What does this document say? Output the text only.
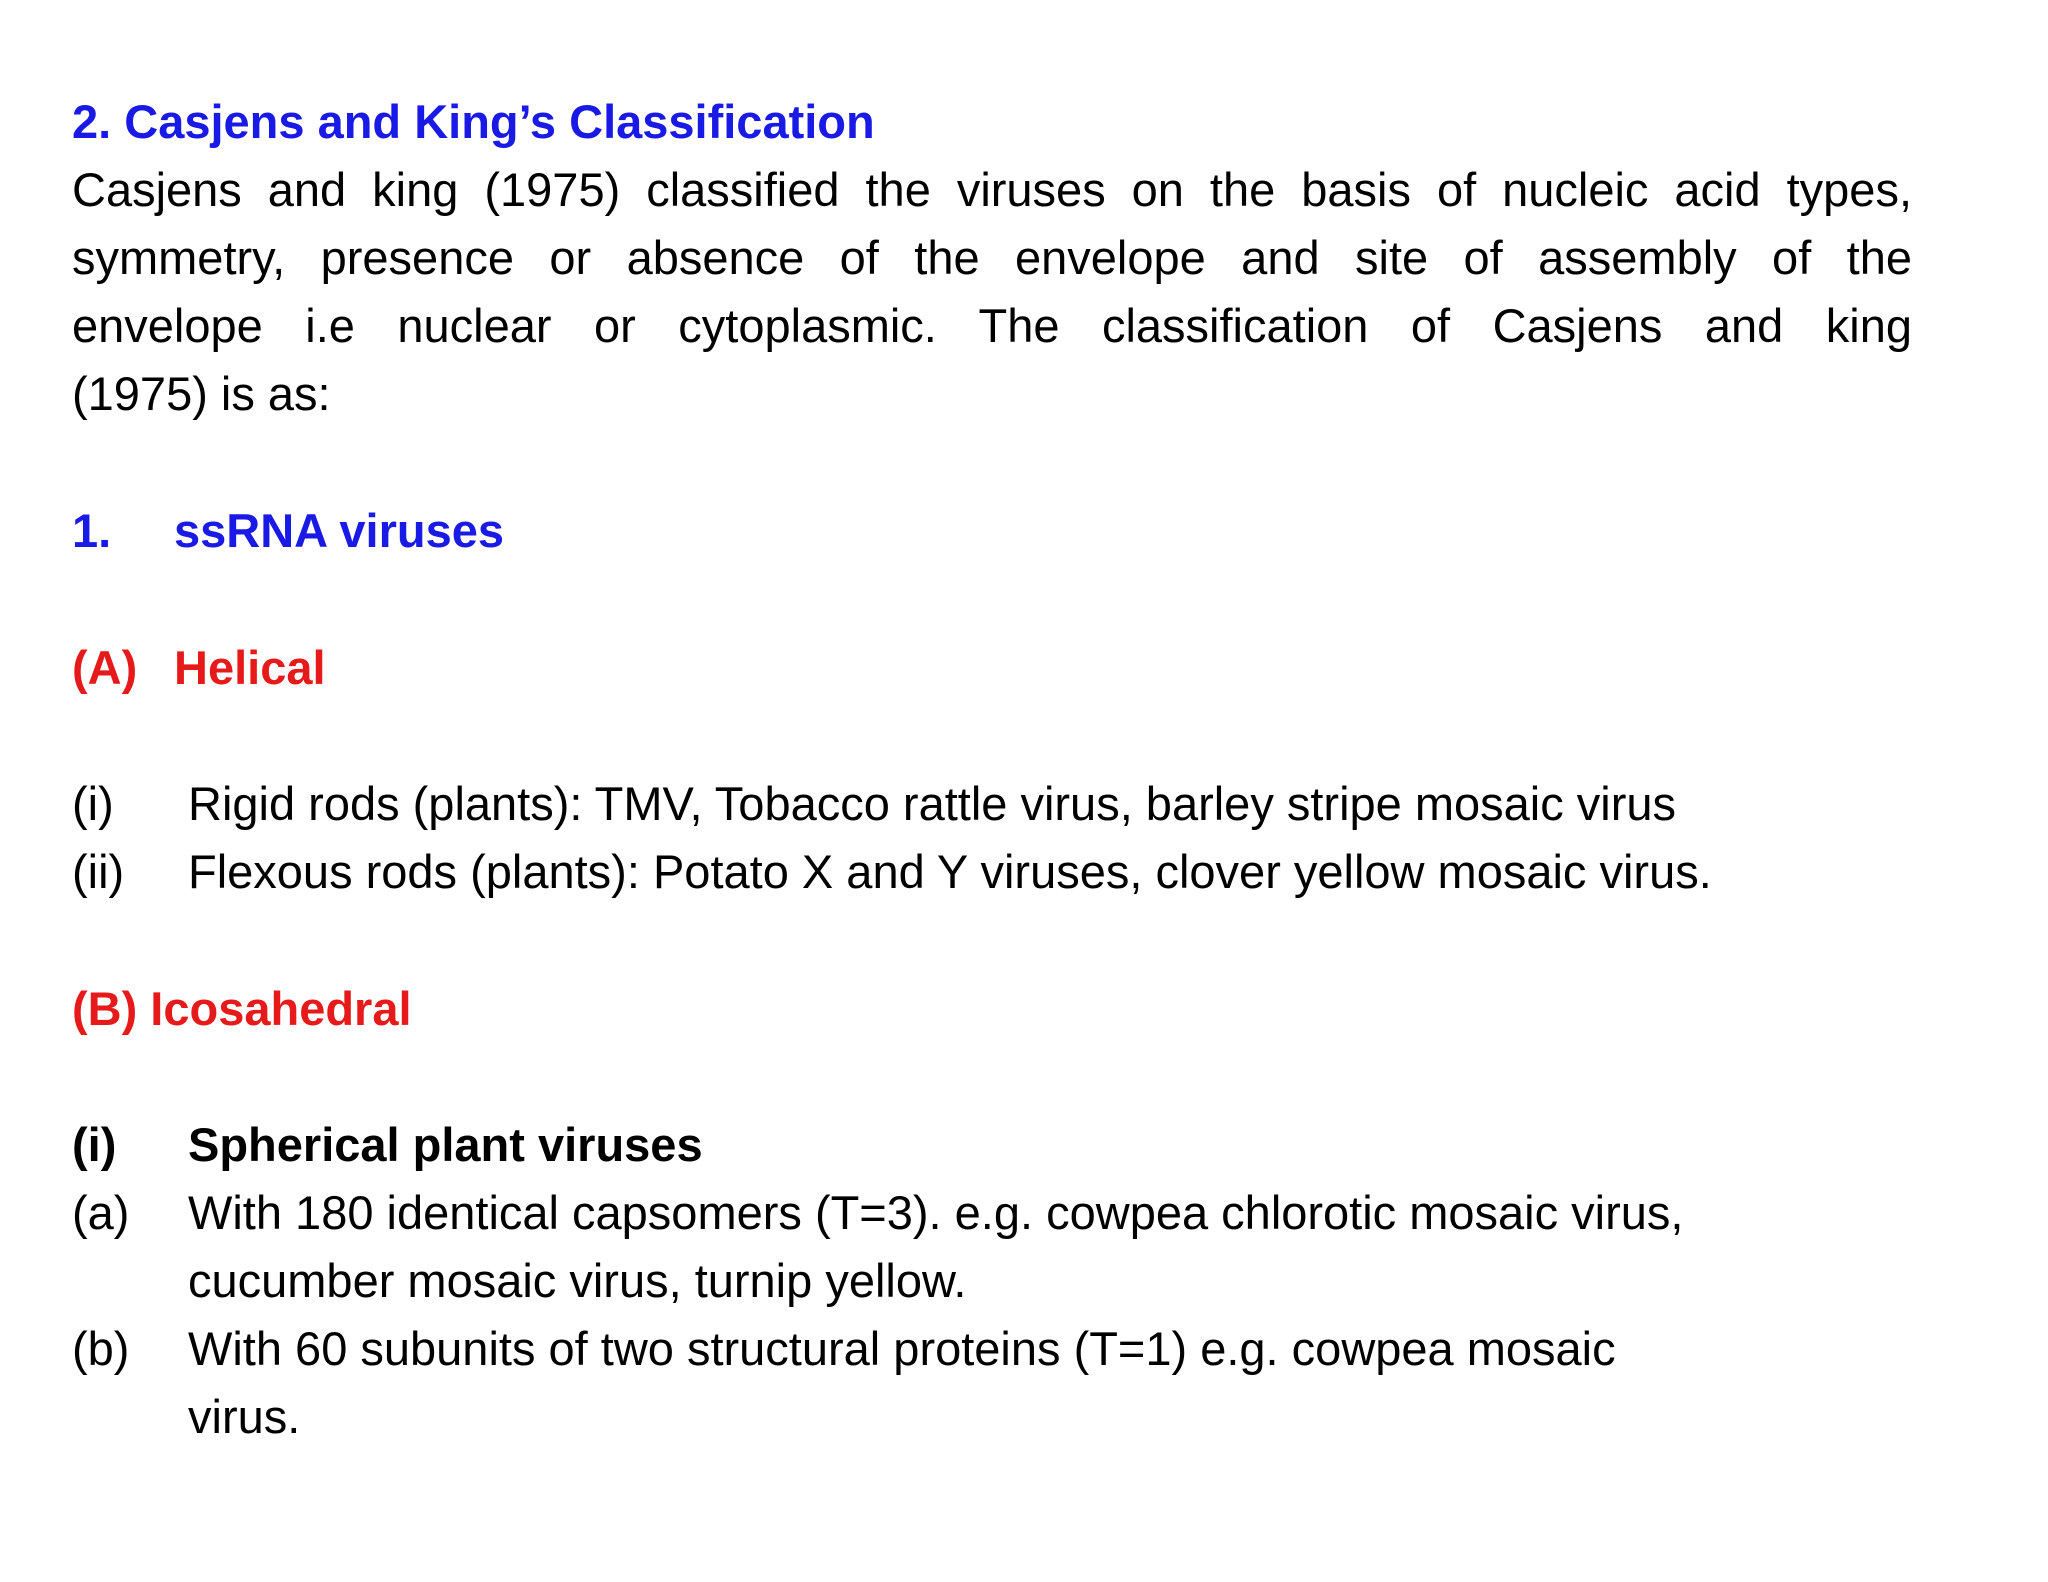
2. Casjens and King’s Classification
Casjens and king (1975) classified the viruses on the basis of nucleic acid types,
symmetry, presence or absence of the envelope and site of assembly of the
envelope i.e nuclear or cytoplasmic. The classification of Casjens and king
(1975) is as:
1. ssRNA viruses
(A) Helical
(i) Rigid rods (plants): TMV, Tobacco rattle virus, barley stripe mosaic virus
(ii) Flexous rods (plants): Potato X and Y viruses, clover yellow mosaic virus.
(B) Icosahedral
(i) Spherical plant viruses
(a) With 180 identical capsomers (T=3). e.g. cowpea chlorotic mosaic virus,
cucumber mosaic virus, turnip yellow.
(b) With 60 subunits of two structural proteins (T=1) e.g. cowpea mosaic
virus.
